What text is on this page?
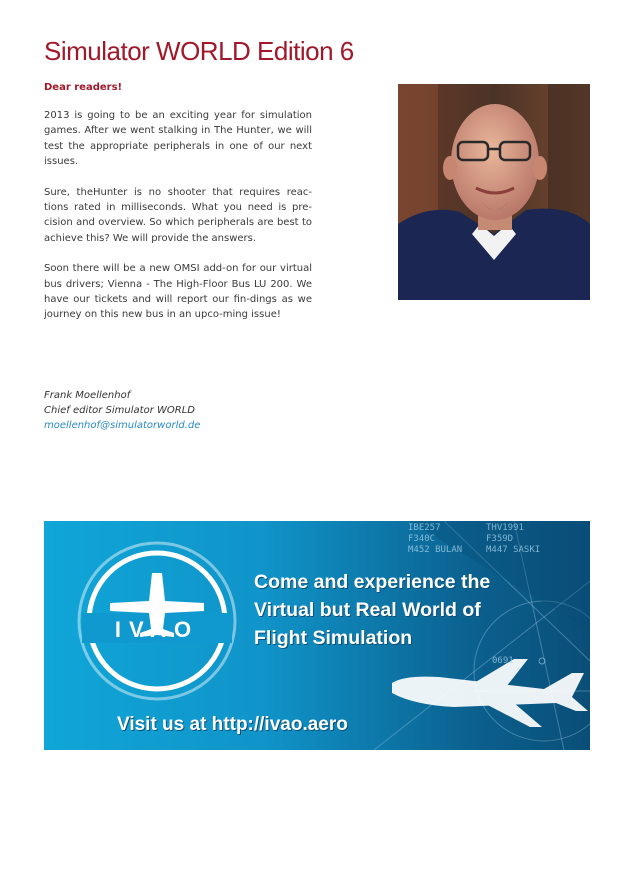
Simulator WORLD Edition 6
Dear readers!

2013 is going to be an exciting year for simulation games. After we went stalking in The Hunter, we will test the appropriate peripherals in one of our next issues.

Sure, theHunter is no shooter that requires reac-tions rated in milliseconds. What you need is pre-cision and overview. So which peripherals are best to achieve this? We will provide the answers.

Soon there will be a new OMSI add-on for our virtual bus drivers; Vienna - The High-Floor Bus LU 200. We have our tickets and will report our fin-dings as we journey on this new bus in an upco-ming issue!

Frank Moellenhof
Chief editor Simulator WORLD
moellenhof@simulatorworld.de
IVAO
IBE257
F340C
M452 BULAN
THV1991
F359D
M447 SASKI
0691
Come and experience the
Virtual but Real World of
Flight Simulation
Visit us at http://ivao.aero
